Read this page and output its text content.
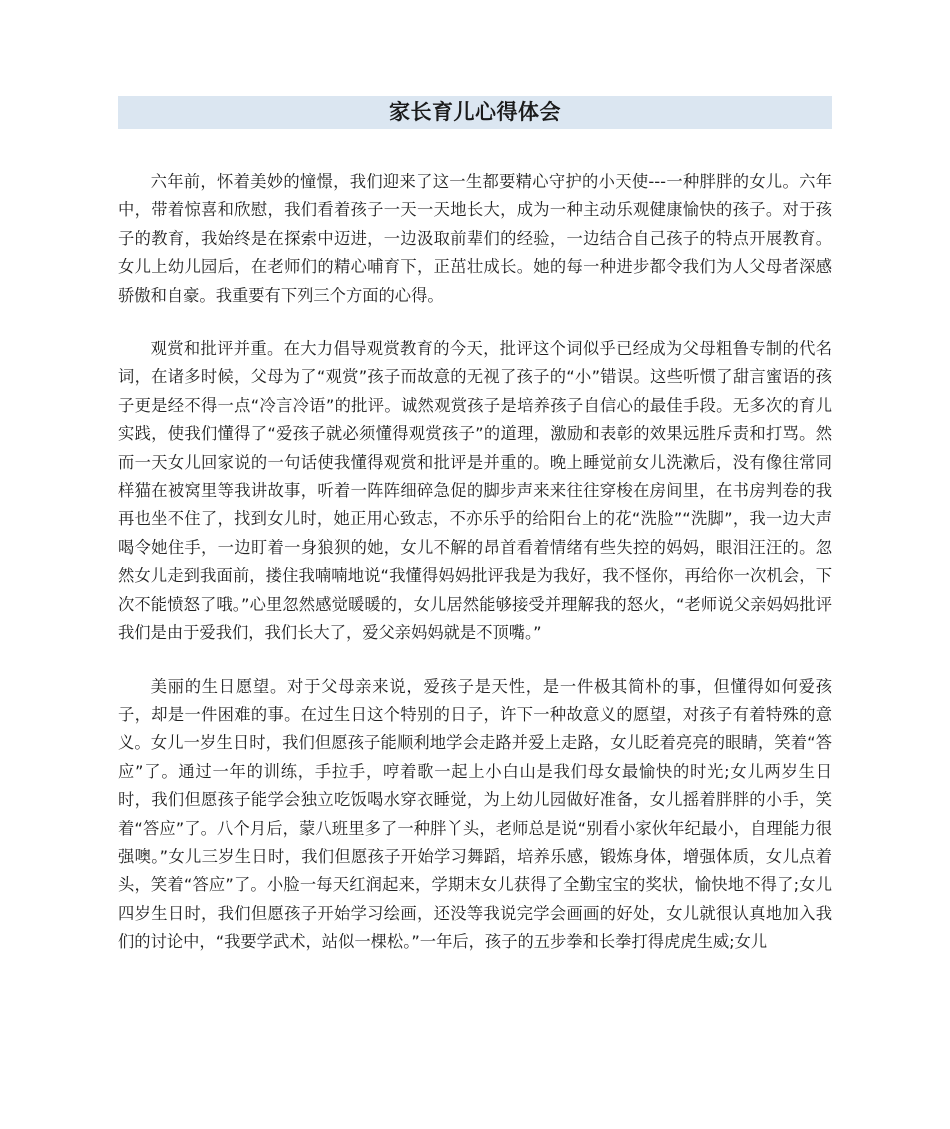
家长育儿心得体会

六年前，怀着美妙的憧憬，我们迎来了这一生都要精心守护的小天使---一种胖胖的女儿。六年中，带着惊喜和欣慰，我们看着孩子一天一天地长大，成为一种主动乐观健康愉快的孩子。对于孩子的教育，我始终是在探索中迈进，一边汲取前辈们的经验，一边结合自己孩子的特点开展教育。女儿上幼儿园后，在老师们的精心哺育下，正茁壮成长。她的每一种进步都令我们为人父母者深感骄傲和自豪。我重要有下列三个方面的心得。

观赏和批评并重。在大力倡导观赏教育的今天，批评这个词似乎已经成为父母粗鲁专制的代名词，在诸多时候，父母为了“观赏”孩子而故意的无视了孩子的“小”错误。这些听惯了甜言蜜语的孩子更是经不得一点“冷言冷语”的批评。诚然观赏孩子是培养孩子自信心的最佳手段。无多次的育儿实践，使我们懂得了“爱孩子就必须懂得观赏孩子”的道理，激励和表彰的效果远胜斥责和打骂。然而一天女儿回家说的一句话使我懂得观赏和批评是并重的。晚上睡觉前女儿洗漱后，没有像往常同样猫在被窝里等我讲故事，听着一阵阵细碎急促的脚步声来来往往穿梭在房间里，在书房判卷的我再也坐不住了，找到女儿时，她正用心致志，不亦乐乎的给阳台上的花“洗脸”“洗脚”，我一边大声喝令她住手，一边盯着一身狼狈的她，女儿不解的昂首看着情绪有些失控的妈妈，眼泪汪汪的。忽然女儿走到我面前，搂住我喃喃地说“我懂得妈妈批评我是为我好，我不怪你，再给你一次机会，下次不能愤怒了哦。”心里忽然感觉暖暖的，女儿居然能够接受并理解我的怒火，“老师说父亲妈妈批评我们是由于爱我们，我们长大了，爱父亲妈妈就是不顶嘴。”

美丽的生日愿望。对于父母亲来说，爱孩子是天性，是一件极其简朴的事，但懂得如何爱孩子，却是一件困难的事。在过生日这个特别的日子，许下一种故意义的愿望，对孩子有着特殊的意义。女儿一岁生日时，我们但愿孩子能顺利地学会走路并爱上走路，女儿眨着亮亮的眼睛，笑着“答应”了。通过一年的训练，手拉手，哼着歌一起上小白山是我们母女最愉快的时光;女儿两岁生日时，我们但愿孩子能学会独立吃饭喝水穿衣睡觉，为上幼儿园做好准备，女儿摇着胖胖的小手，笑着“答应”了。八个月后，蒙八班里多了一种胖丫头，老师总是说“别看小家伙年纪最小，自理能力很强噢。”女儿三岁生日时，我们但愿孩子开始学习舞蹈，培养乐感，锻炼身体，增强体质，女儿点着头，笑着“答应”了。小脸一每天红润起来，学期末女儿获得了全勤宝宝的奖状，愉快地不得了;女儿四岁生日时，我们但愿孩子开始学习绘画，还没等我说完学会画画的好处，女儿就很认真地加入我们的讨论中，“我要学武术，站似一棵松。”一年后，孩子的五步拳和长拳打得虎虎生威;女儿
